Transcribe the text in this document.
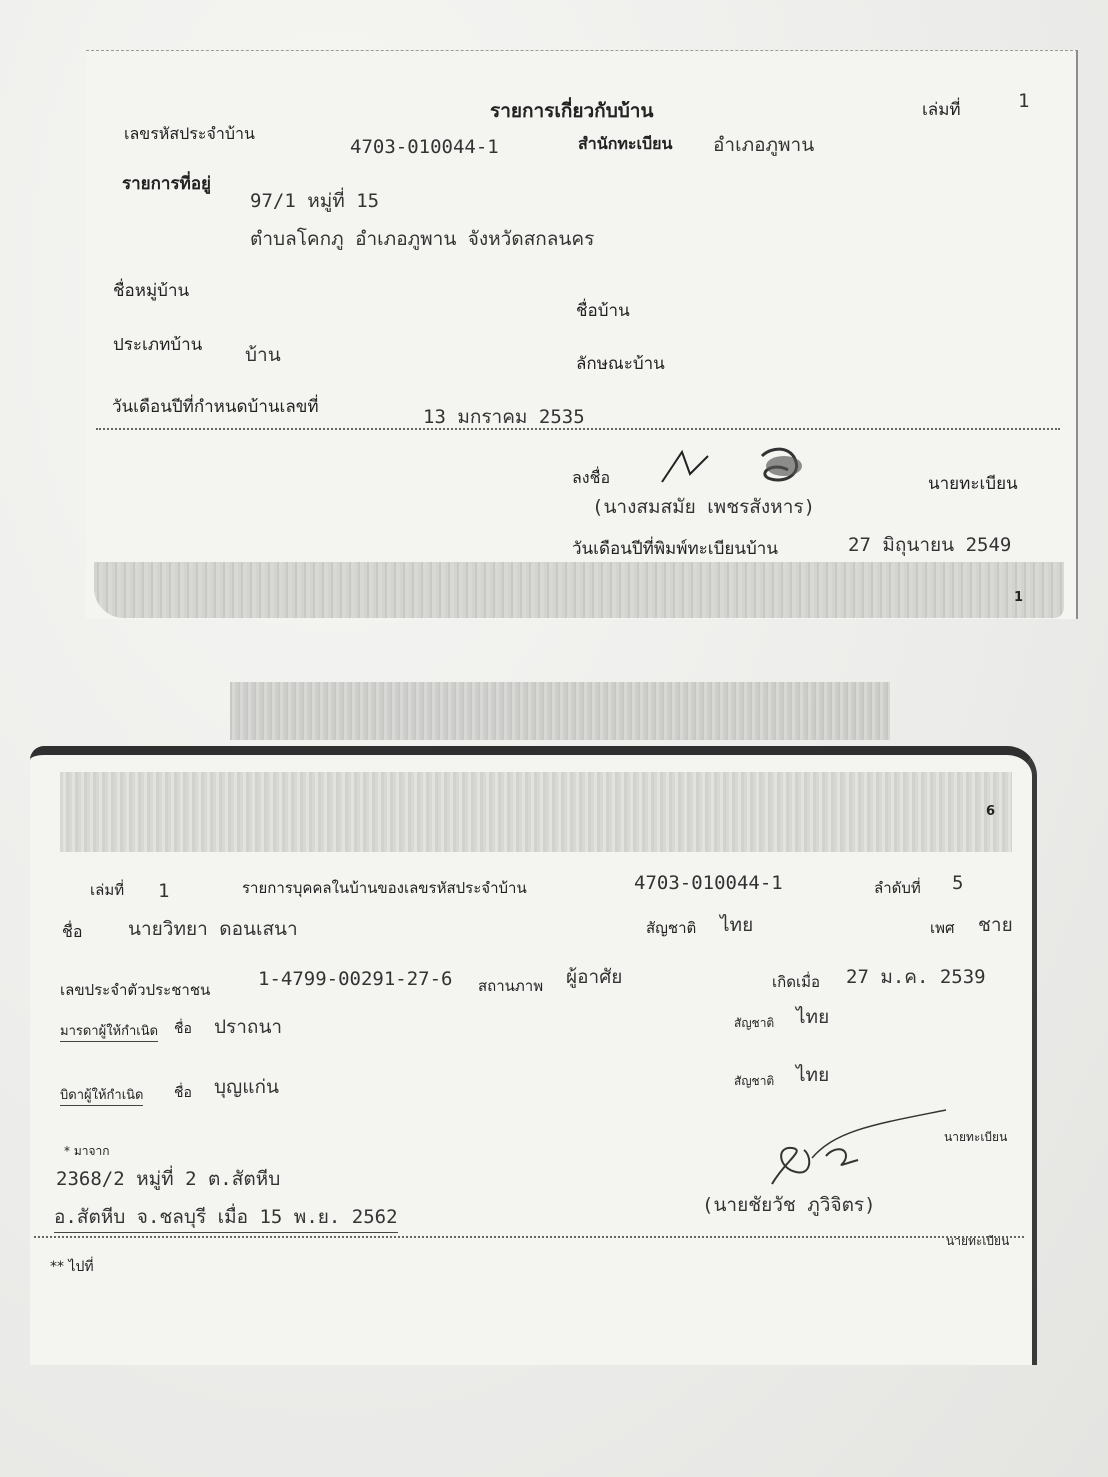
รายการเกี่ยวกับบ้าน	เล่มที่	1
เลขรหัสประจำบ้าน
4703-010044-1	สำนักทะเบียน อำเภอภูพาน
รายการที่อยู่
97/1 หมู่ที่ 15
ตำบลโคกภู อำเภอภูพาน จังหวัดสกลนคร
ชื่อหมู่บ้าน
ชื่อบ้าน
ประเภทบ้าน บ้าน	ลักษณะบ้าน
วันเดือนปีที่กำหนดบ้านเลขที่	13 มกราคม 2535
ลงชื่อ	นายทะเบียน
(นางสมสมัย เพชรสังหาร)
วันเดือนปีที่พิมพ์ทะเบียนบ้าน	27 มิถุนายน 2549
1
6
เล่มที่ 1	รายการบุคคลในบ้านของเลขรหัสประจำบ้าน	4703-010044-1	ลำดับที่ 5
ชื่อ นายวิทยา ดอนเสนา	สัญชาติ ไทย	เพศ ชาย
เลขประจำตัวประชาชน	1-4799-00291-27-6 สถานภาพ ผู้อาศัย	เกิดเมื่อ 27 ม.ค. 2539
มารดาผู้ให้กำเนิด ชื่อ ปราถนา	สัญชาติ ไทย
บิดาผู้ให้กำเนิด ชื่อ บุญแก่น	สัญชาติ ไทย
นายทะเบียน
* มาจาก
2368/2 หมู่ที่ 2 ต.สัตหีบ
อ.สัตหีบ จ.ชลบุรี เมื่อ 15 พ.ย. 2562
(นายชัยวัช ภูวิจิตร)
นายทะเบียน
** ไปที่
